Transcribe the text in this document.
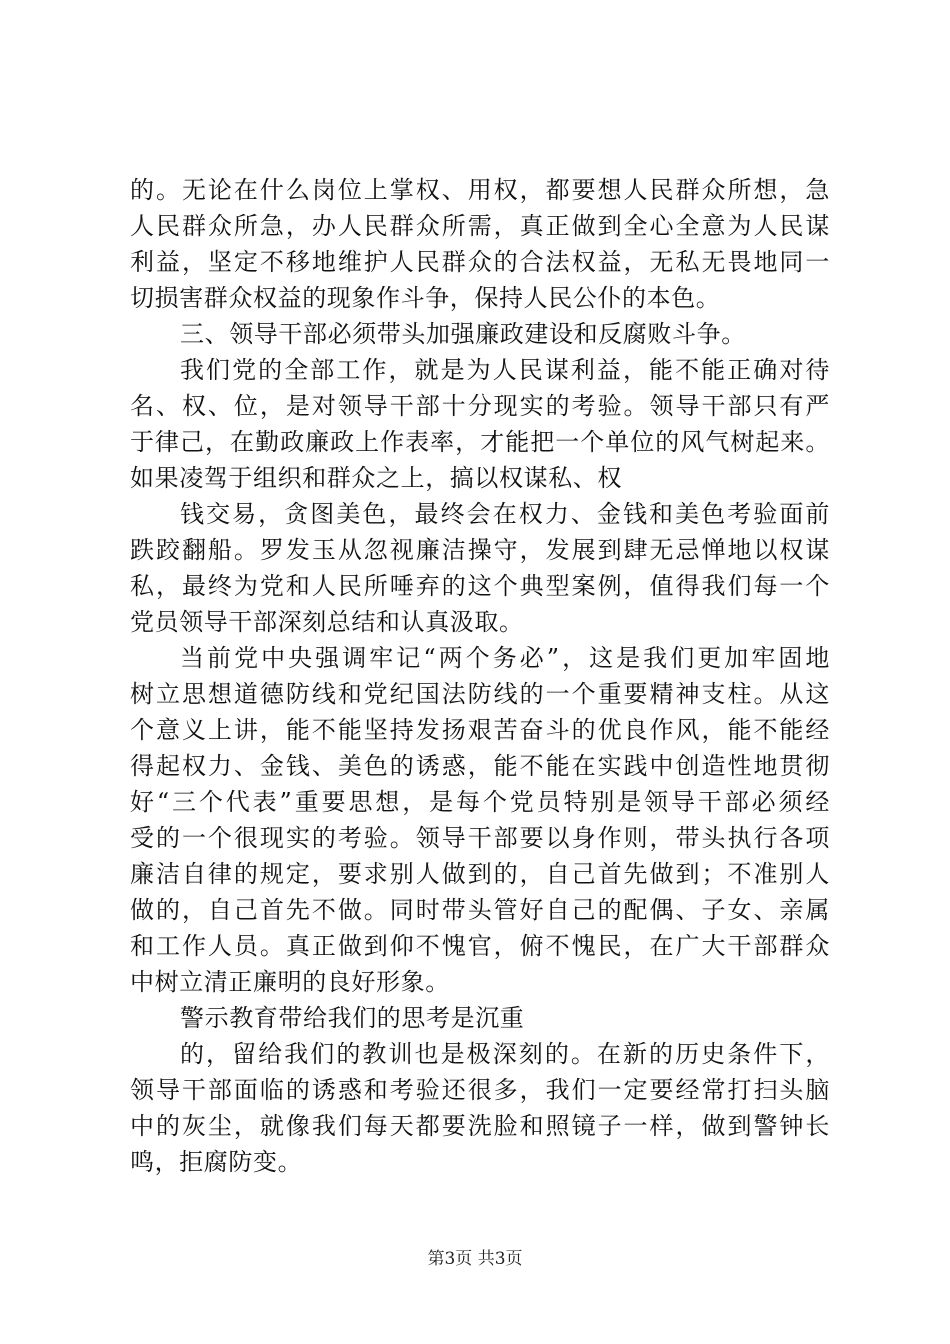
的。无论在什么岗位上掌权、用权，都要想人民群众所想，急
人民群众所急，办人民群众所需，真正做到全心全意为人民谋
利益，坚定不移地维护人民群众的合法权益，无私无畏地同一
切损害群众权益的现象作斗争，保持人民公仆的本色。
三、领导干部必须带头加强廉政建设和反腐败斗争。
我们党的全部工作，就是为人民谋利益，能不能正确对待
名、权、位，是对领导干部十分现实的考验。领导干部只有严
于律己，在勤政廉政上作表率，才能把一个单位的风气树起来。
如果凌驾于组织和群众之上，搞以权谋私、权
钱交易，贪图美色，最终会在权力、金钱和美色考验面前
跌跤翻船。罗发玉从忽视廉洁操守，发展到肆无忌惮地以权谋
私，最终为党和人民所唾弃的这个典型案例，值得我们每一个
党员领导干部深刻总结和认真汲取。
当前党中央强调牢记“两个务必”，这是我们更加牢固地
树立思想道德防线和党纪国法防线的一个重要精神支柱。从这
个意义上讲，能不能坚持发扬艰苦奋斗的优良作风，能不能经
得起权力、金钱、美色的诱惑，能不能在实践中创造性地贯彻
好“三个代表”重要思想，是每个党员特别是领导干部必须经
受的一个很现实的考验。领导干部要以身作则，带头执行各项
廉洁自律的规定，要求别人做到的，自己首先做到；不准别人
做的，自己首先不做。同时带头管好自己的配偶、子女、亲属
和工作人员。真正做到仰不愧官，俯不愧民，在广大干部群众
中树立清正廉明的良好形象。
警示教育带给我们的思考是沉重
的，留给我们的教训也是极深刻的。在新的历史条件下，
领导干部面临的诱惑和考验还很多，我们一定要经常打扫头脑
中的灰尘，就像我们每天都要洗脸和照镜子一样，做到警钟长
鸣，拒腐防变。
第3页 共3页
